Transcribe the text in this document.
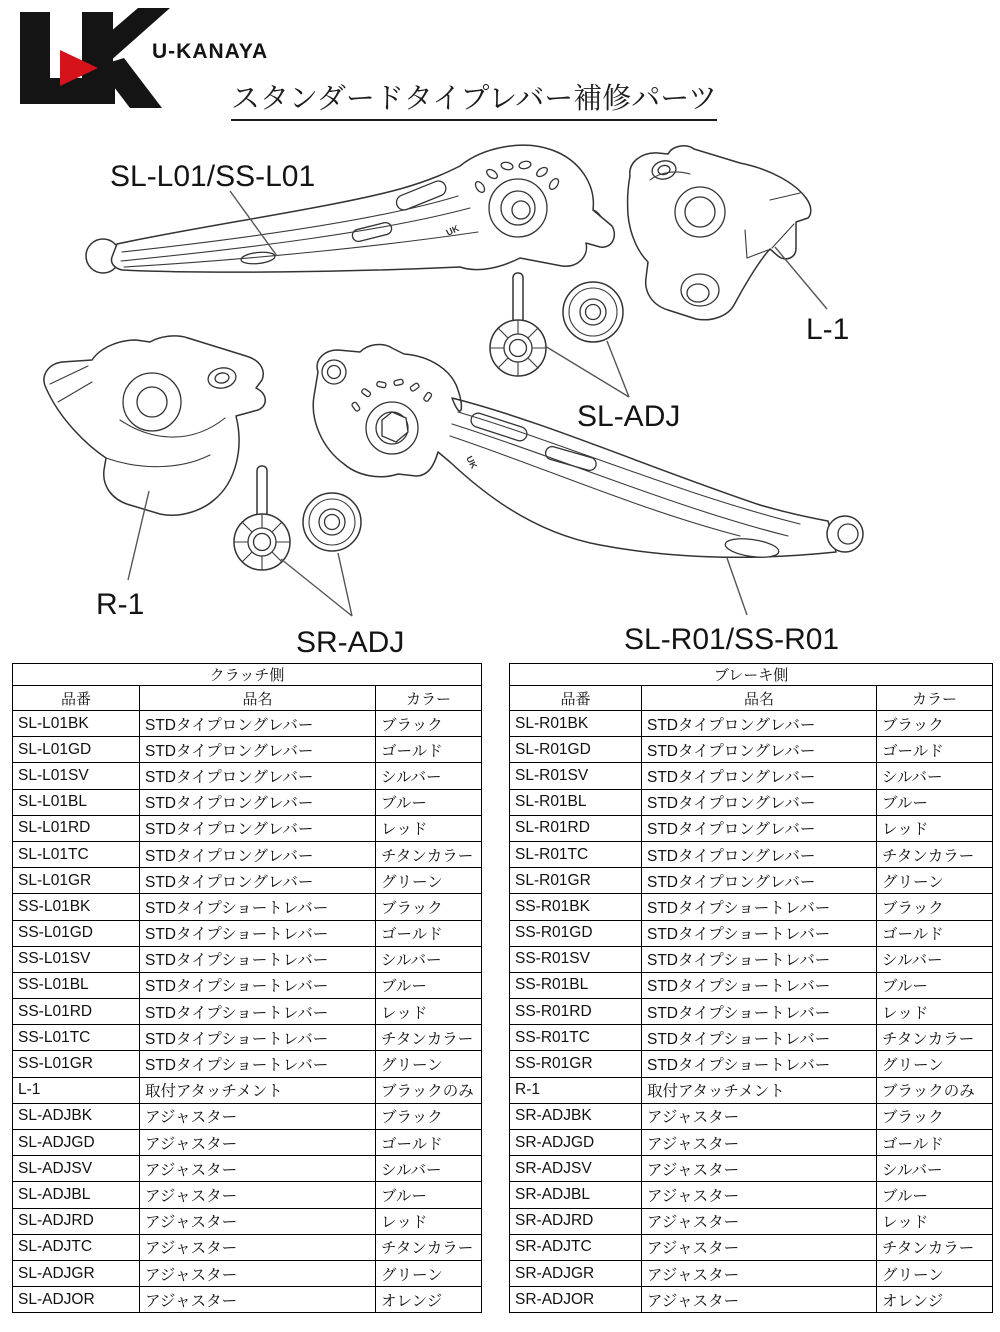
U-KANAYA
スタンダードタイプレバー補修パーツ
UK
UK
SL-L01/SS-L01
L-1
SL-ADJ
R-1
SR-ADJ	SL-R01/SS-R01
クラッチ側		
品番	品名	カラー
SL-L01BK	STDタイプロングレバー	ブラック
SL-L01GD	STDタイプロングレバー	ゴールド
SL-L01SV	STDタイプロングレバー	シルバー
SL-L01BL	STDタイプロングレバー	ブルー
SL-L01RD	STDタイプロングレバー	レッド
SL-L01TC	STDタイプロングレバー	チタンカラー
SL-L01GR	STDタイプロングレバー	グリーン
SS-L01BK	STDタイプショートレバー	ブラック
SS-L01GD	STDタイプショートレバー	ゴールド
SS-L01SV	STDタイプショートレバー	シルバー
SS-L01BL	STDタイプショートレバー	ブルー
SS-L01RD	STDタイプショートレバー	レッド
SS-L01TC	STDタイプショートレバー	チタンカラー
SS-L01GR	STDタイプショートレバー	グリーン
L-1	取付アタッチメント	ブラックのみ
SL-ADJBK	アジャスター	ブラック
SL-ADJGD	アジャスター	ゴールド
SL-ADJSV	アジャスター	シルバー
SL-ADJBL	アジャスター	ブルー
SL-ADJRD	アジャスター	レッド
SL-ADJTC	アジャスター	チタンカラー
SL-ADJGR	アジャスター	グリーン
SL-ADJOR	アジャスター	オレンジ
ブレーキ側		
品番	品名	カラー
SL-R01BK	STDタイプロングレバー	ブラック
SL-R01GD	STDタイプロングレバー	ゴールド
SL-R01SV	STDタイプロングレバー	シルバー
SL-R01BL	STDタイプロングレバー	ブルー
SL-R01RD	STDタイプロングレバー	レッド
SL-R01TC	STDタイプロングレバー	チタンカラー
SL-R01GR	STDタイプロングレバー	グリーン
SS-R01BK	STDタイプショートレバー	ブラック
SS-R01GD	STDタイプショートレバー	ゴールド
SS-R01SV	STDタイプショートレバー	シルバー
SS-R01BL	STDタイプショートレバー	ブルー
SS-R01RD	STDタイプショートレバー	レッド
SS-R01TC	STDタイプショートレバー	チタンカラー
SS-R01GR	STDタイプショートレバー	グリーン
R-1	取付アタッチメント	ブラックのみ
SR-ADJBK	アジャスター	ブラック
SR-ADJGD	アジャスター	ゴールド
SR-ADJSV	アジャスター	シルバー
SR-ADJBL	アジャスター	ブルー
SR-ADJRD	アジャスター	レッド
SR-ADJTC	アジャスター	チタンカラー
SR-ADJGR	アジャスター	グリーン
SR-ADJOR	アジャスター	オレンジ
